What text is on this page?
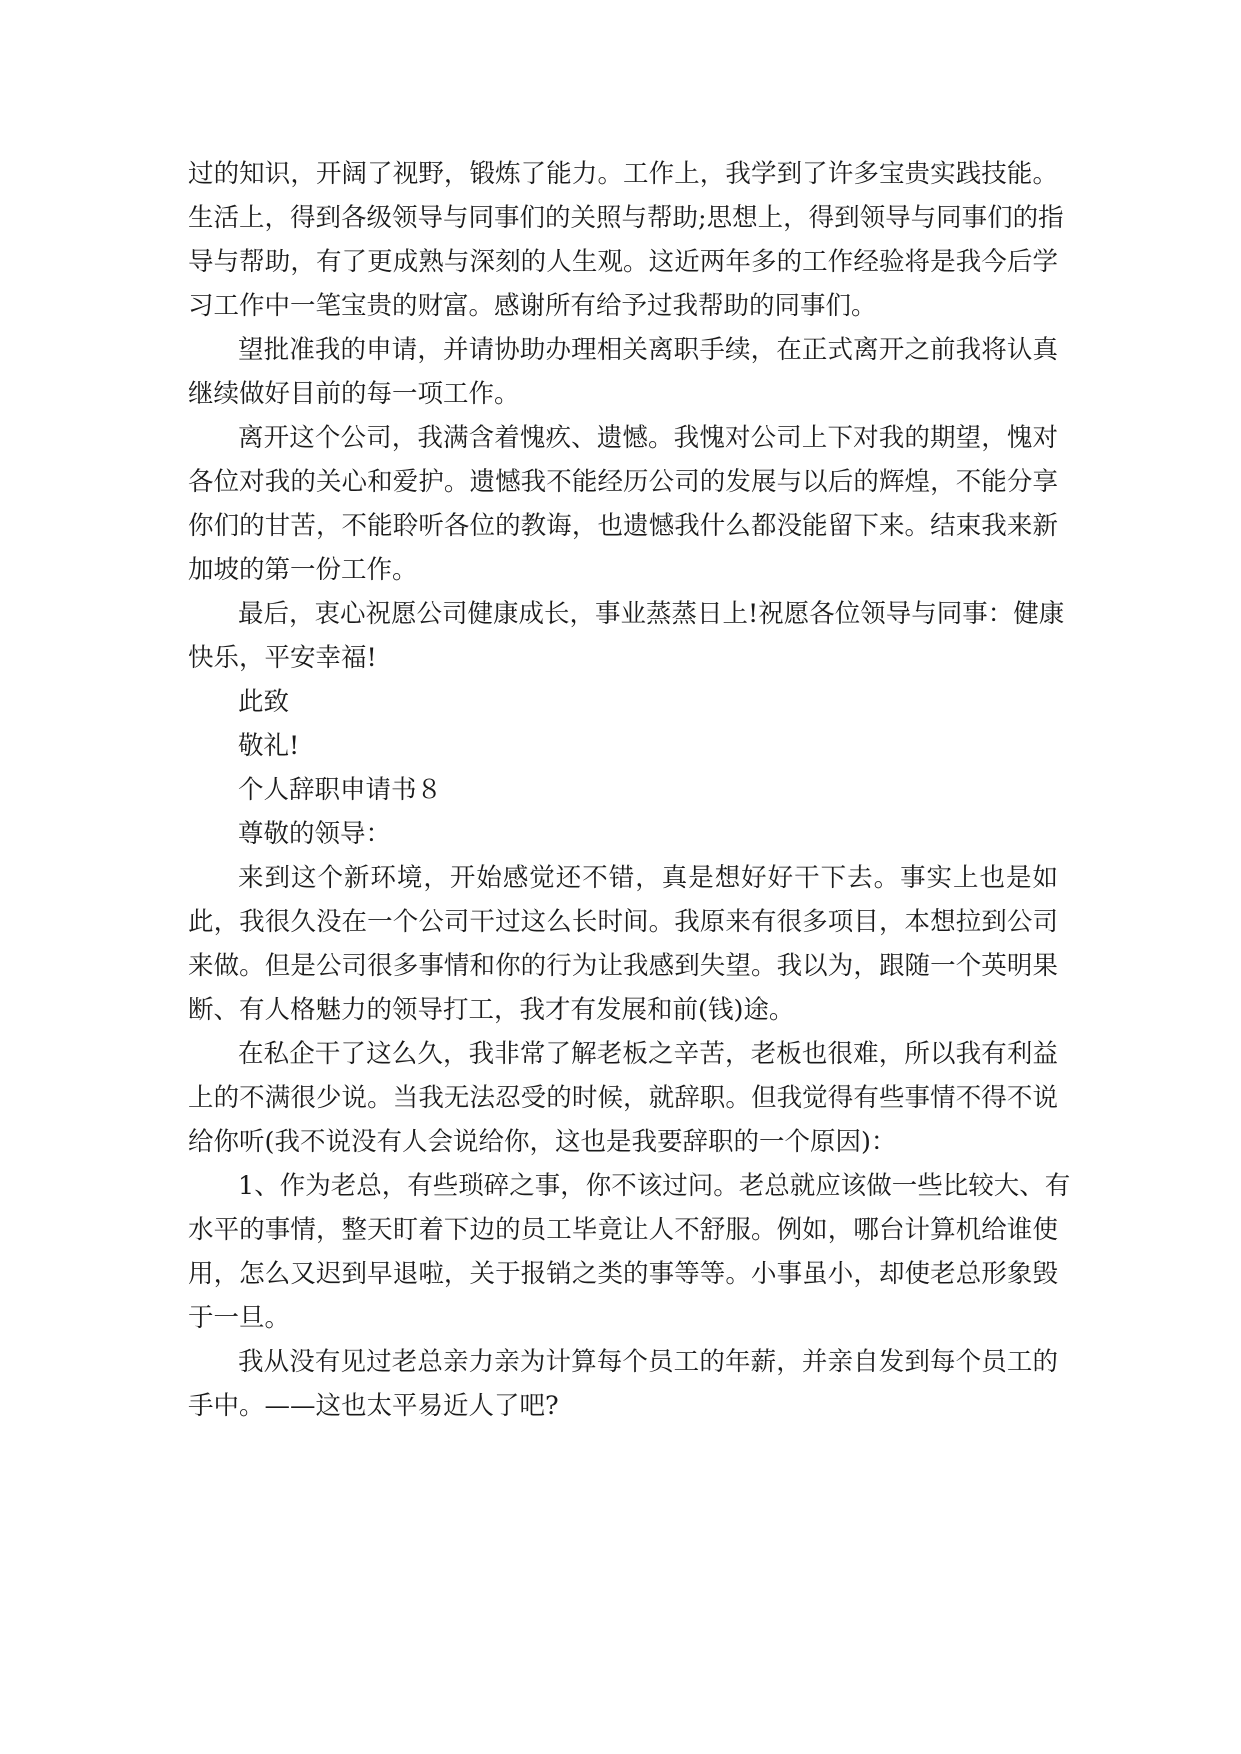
过的知识，开阔了视野，锻炼了能力。工作上，我学到了许多宝贵实践技能。
生活上，得到各级领导与同事们的关照与帮助;思想上，得到领导与同事们的指
导与帮助，有了更成熟与深刻的人生观。这近两年多的工作经验将是我今后学
习工作中一笔宝贵的财富。感谢所有给予过我帮助的同事们。
望批准我的申请，并请协助办理相关离职手续，在正式离开之前我将认真
继续做好目前的每一项工作。
离开这个公司，我满含着愧疚、遗憾。我愧对公司上下对我的期望，愧对
各位对我的关心和爱护。遗憾我不能经历公司的发展与以后的辉煌，不能分享
你们的甘苦，不能聆听各位的教诲，也遗憾我什么都没能留下来。结束我来新
加坡的第一份工作。
最后，衷心祝愿公司健康成长，事业蒸蒸日上!祝愿各位领导与同事：健康
快乐，平安幸福!
此致
敬礼!
个人辞职申请书８
尊敬的领导：
来到这个新环境，开始感觉还不错，真是想好好干下去。事实上也是如
此，我很久没在一个公司干过这么长时间。我原来有很多项目，本想拉到公司
来做。但是公司很多事情和你的行为让我感到失望。我以为，跟随一个英明果
断、有人格魅力的领导打工，我才有发展和前(钱)途。
在私企干了这么久，我非常了解老板之辛苦，老板也很难，所以我有利益
上的不满很少说。当我无法忍受的时候，就辞职。但我觉得有些事情不得不说
给你听(我不说没有人会说给你，这也是我要辞职的一个原因)：
1、作为老总，有些琐碎之事，你不该过问。老总就应该做一些比较大、有
水平的事情，整天盯着下边的员工毕竟让人不舒服。例如，哪台计算机给谁使
用，怎么又迟到早退啦，关于报销之类的事等等。小事虽小，却使老总形象毁
于一旦。
我从没有见过老总亲力亲为计算每个员工的年薪，并亲自发到每个员工的
手中。——这也太平易近人了吧?
